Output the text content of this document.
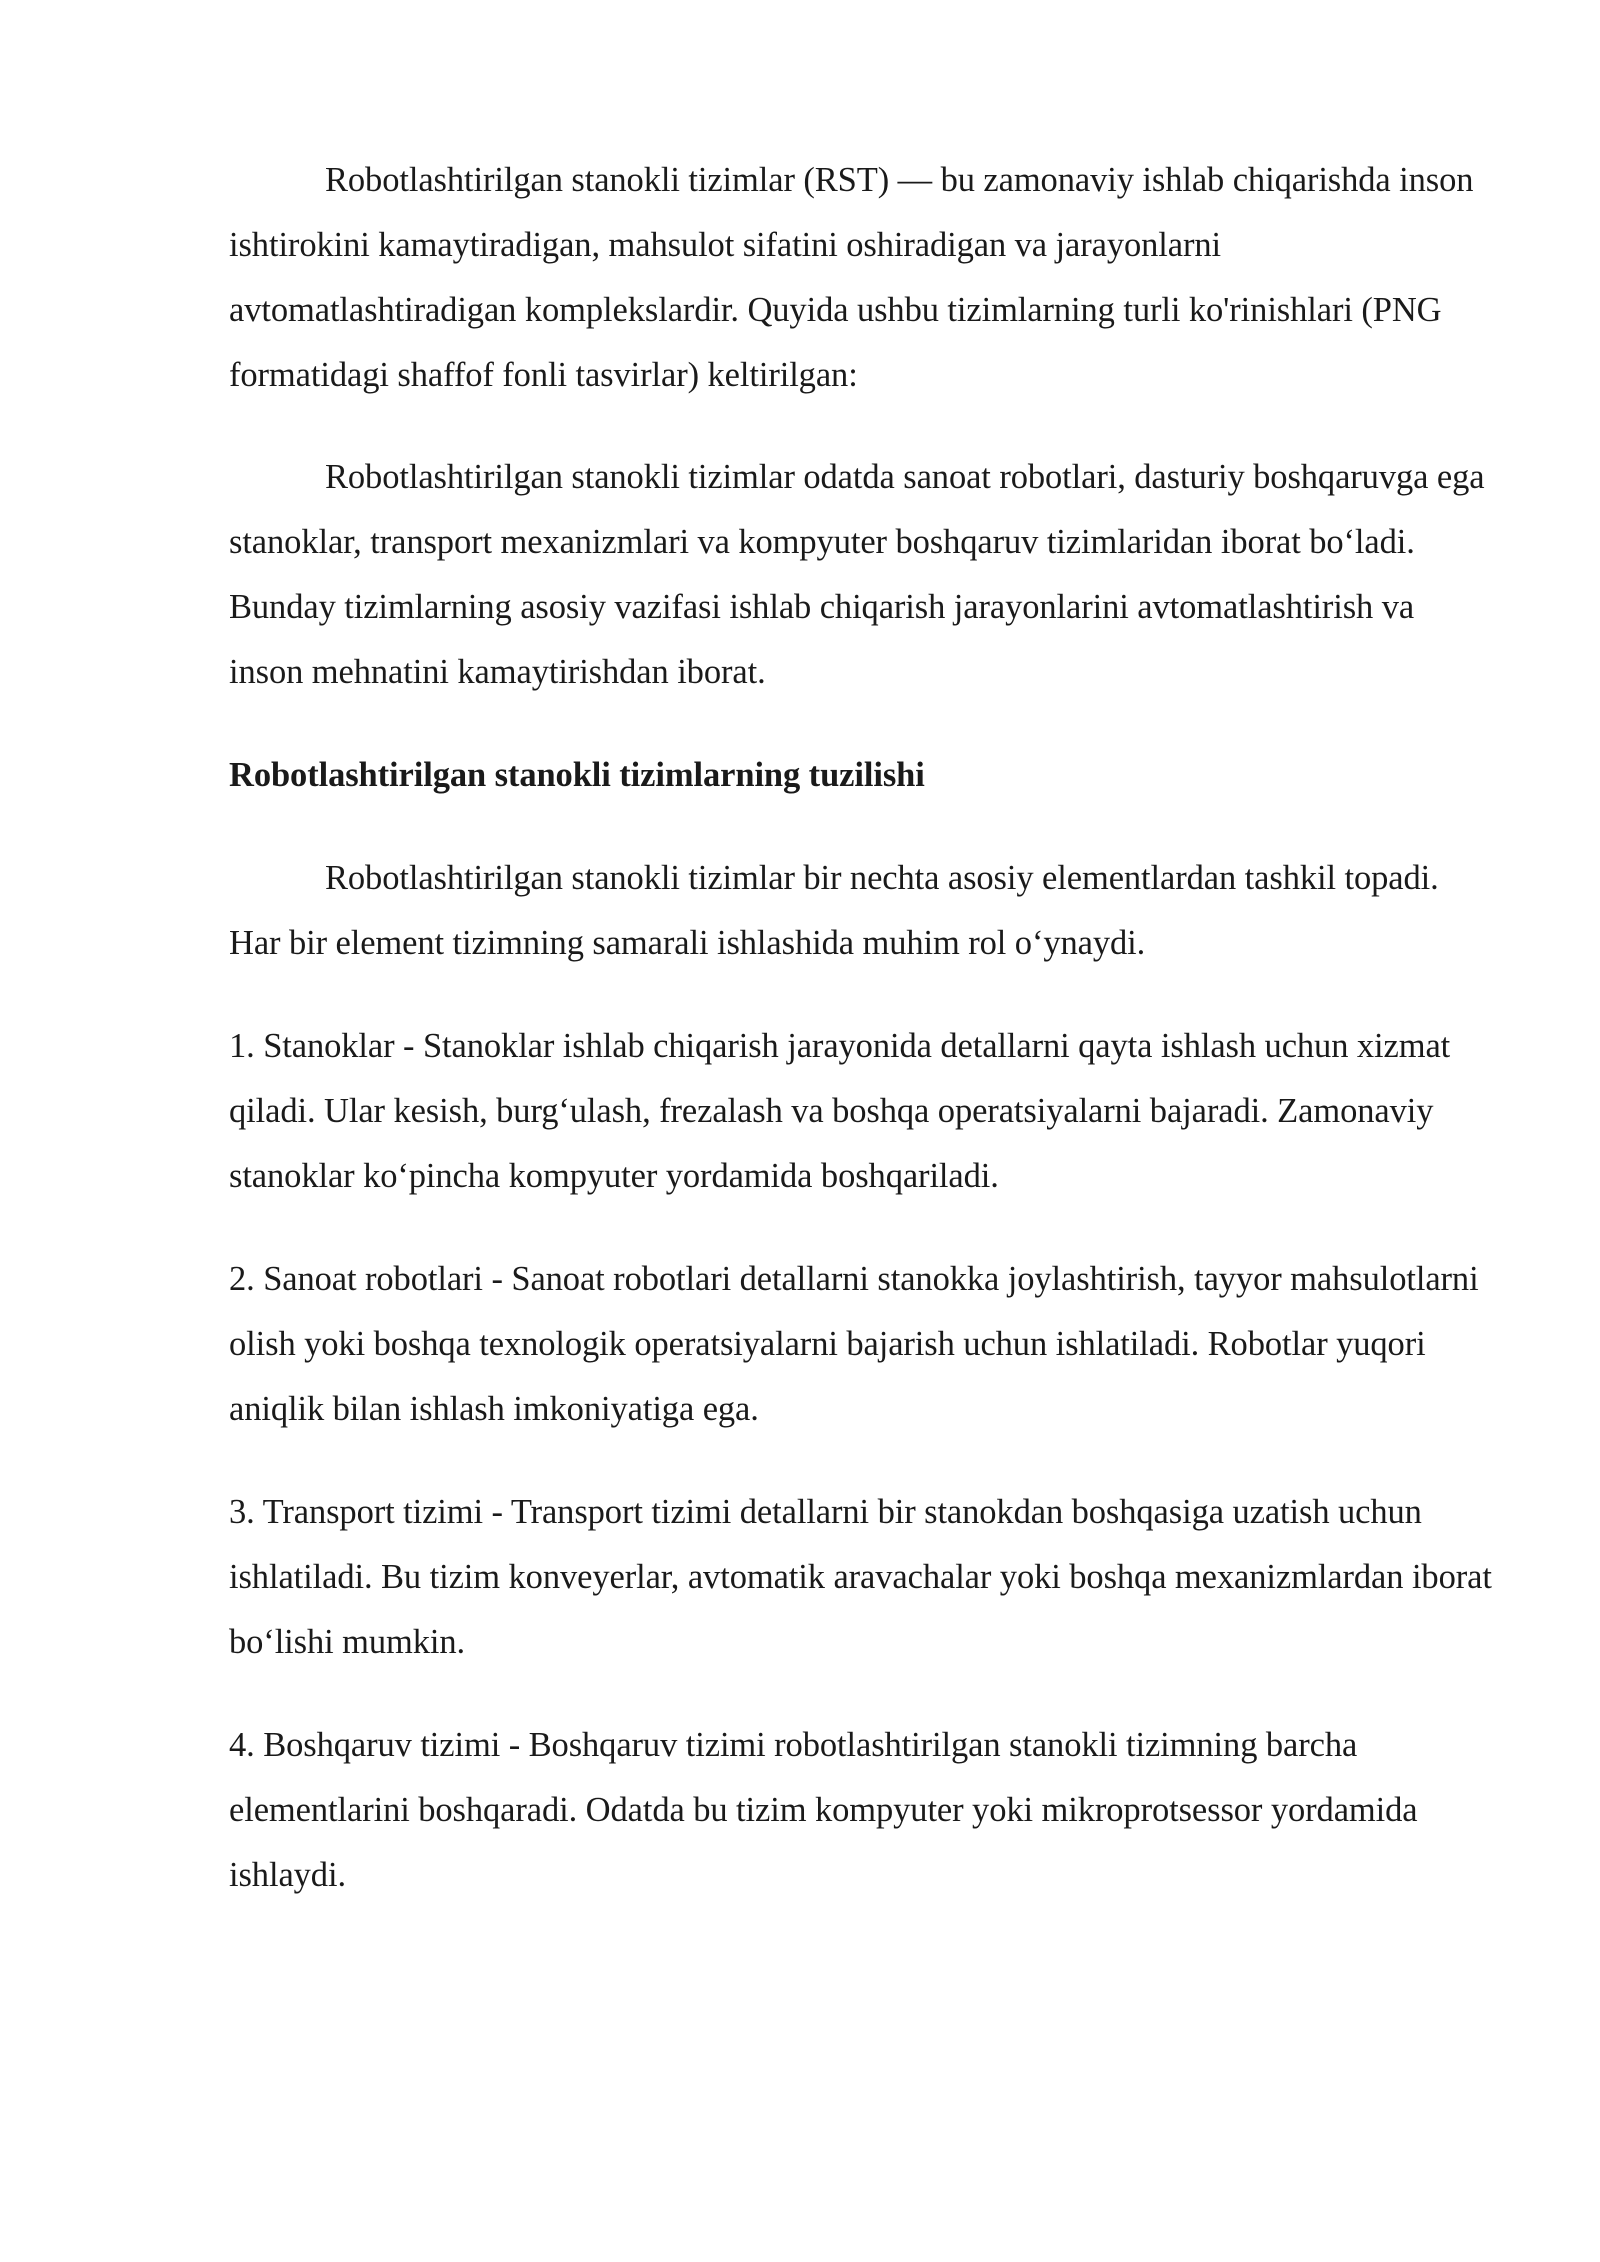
Robotlashtirilgan stanokli tizimlar (RST) — bu zamonaviy ishlab chiqarishda inson ishtirokini kamaytiradigan, mahsulot sifatini oshiradigan va jarayonlarni avtomatlashtiradigan komplekslardir. Quyida ushbu tizimlarning turli ko'rinishlari (PNG formatidagi shaffof fonli tasvirlar) keltirilgan:

Robotlashtirilgan stanokli tizimlar odatda sanoat robotlari, dasturiy boshqaruvga ega stanoklar, transport mexanizmlari va kompyuter boshqaruv tizimlaridan iborat bo‘ladi. Bunday tizimlarning asosiy vazifasi ishlab chiqarish jarayonlarini avtomatlashtirish va inson mehnatini kamaytirishdan iborat.

Robotlashtirilgan stanokli tizimlarning tuzilishi

Robotlashtirilgan stanokli tizimlar bir nechta asosiy elementlardan tashkil topadi. Har bir element tizimning samarali ishlashida muhim rol o‘ynaydi.

1. Stanoklar - Stanoklar ishlab chiqarish jarayonida detallarni qayta ishlash uchun xizmat qiladi. Ular kesish, burg‘ulash, frezalash va boshqa operatsiyalarni bajaradi. Zamonaviy stanoklar ko‘pincha kompyuter yordamida boshqariladi.

2. Sanoat robotlari - Sanoat robotlari detallarni stanokka joylashtirish, tayyor mahsulotlarni olish yoki boshqa texnologik operatsiyalarni bajarish uchun ishlatiladi. Robotlar yuqori aniqlik bilan ishlash imkoniyatiga ega.

3. Transport tizimi - Transport tizimi detallarni bir stanokdan boshqasiga uzatish uchun ishlatiladi. Bu tizim konveyerlar, avtomatik aravachalar yoki boshqa mexanizmlardan iborat bo‘lishi mumkin.

4. Boshqaruv tizimi - Boshqaruv tizimi robotlashtirilgan stanokli tizimning barcha elementlarini boshqaradi. Odatda bu tizim kompyuter yoki mikroprotsessor yordamida ishlaydi.
